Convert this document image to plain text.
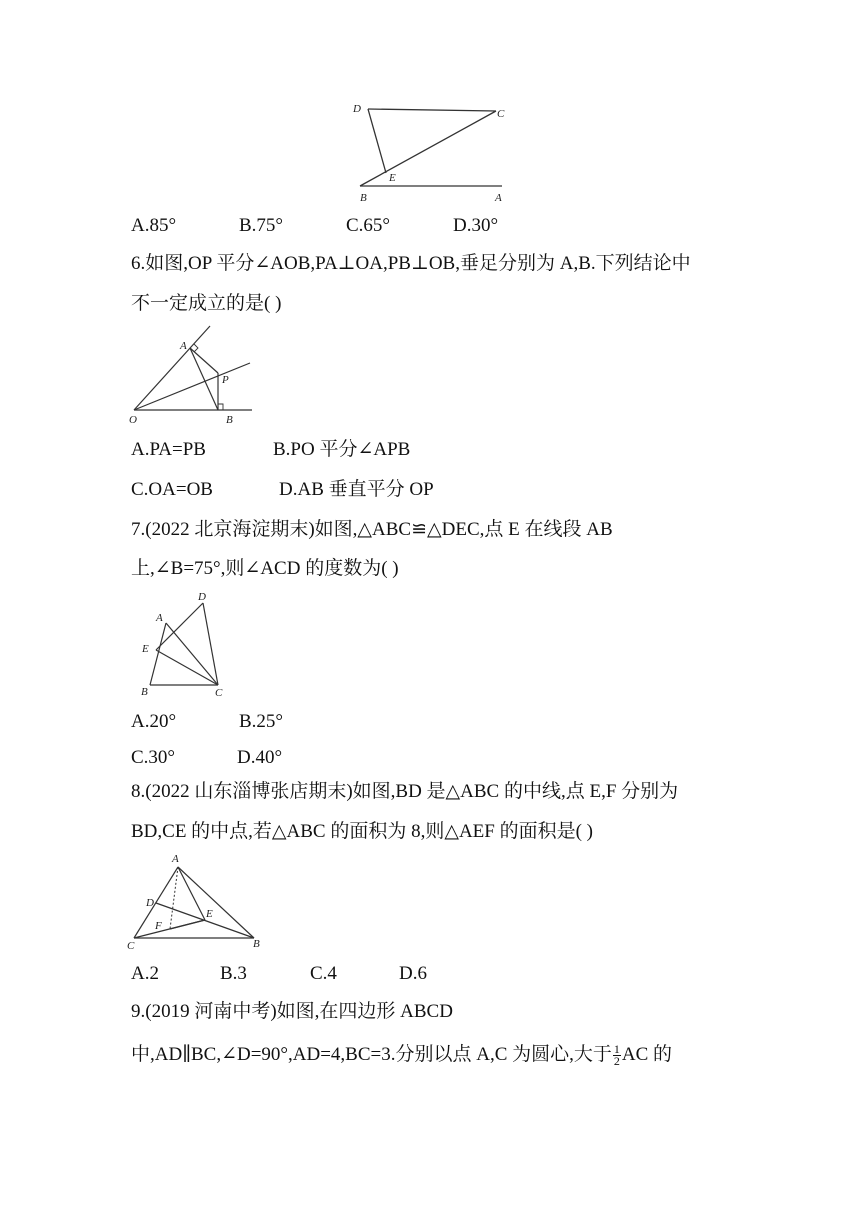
D	C
E
B	A
A.85°	B.75°	C.65°	D.30°
6.如图,OP 平分∠AOB,PA⊥OA,PB⊥OB,垂足分别为 A,B.下列结论中
不一定成立的是( )
A
P
O	B
A.PA=PB	B.PO 平分∠APB
C.OA=OB	D.AB 垂直平分 OP
7.(2022 北京海淀期末)如图,△ABC≌△DEC,点 E 在线段 AB
上,∠B=75°,则∠ACD 的度数为( )
D
A
E
B	C
A.20°	B.25°
C.30°	D.40°
8.(2022 山东淄博张店期末)如图,BD 是△ABC 的中线,点 E,F 分别为
BD,CE 的中点,若△ABC 的面积为 8,则△AEF 的面积是( )
A
D
E
F
C	B
A.2	B.3	C.4	D.6
9.(2019 河南中考)如图,在四边形 ABCD
中,AD∥BC,∠D=90°,AD=4,BC=3.分别以点 A,C 为圆心,大于 $\frac{1}{2}$ AC 的
